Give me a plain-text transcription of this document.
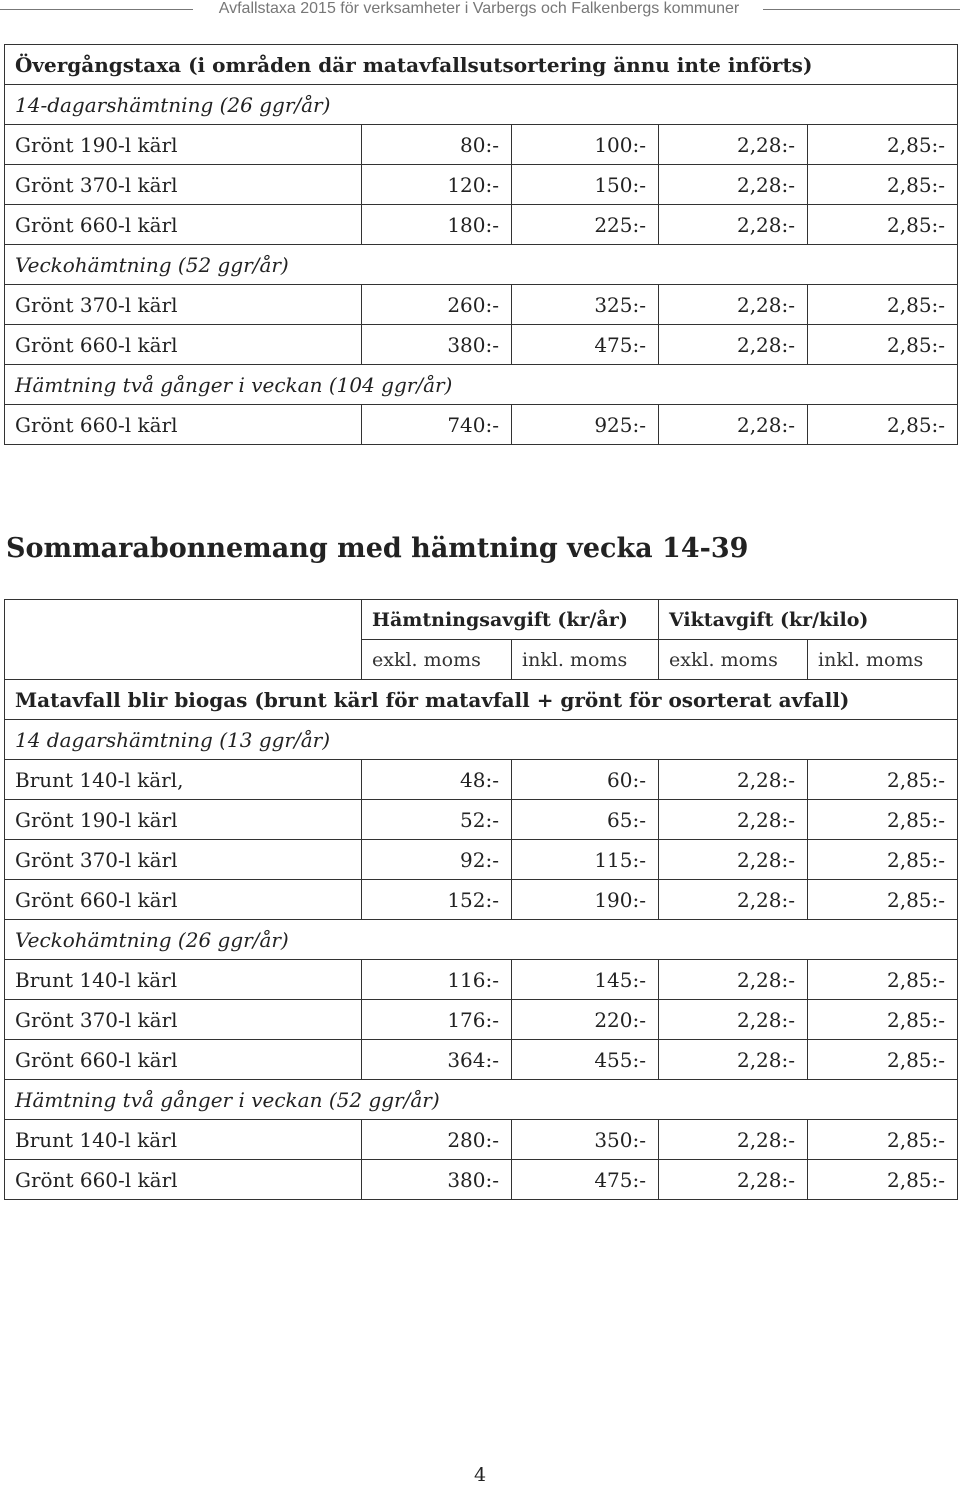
Avfallstaxa 2015 för verksamheter i Varbergs och Falkenbergs kommuner
Övergångstaxa (i områden där matavfallsutsortering ännu inte införts)				
14-dagarshämtning (26 ggr/år)				
Grönt 190-l kärl	80:-	100:-	2,28:-	2,85:-
Grönt 370-l kärl	120:-	150:-	2,28:-	2,85:-
Grönt 660-l kärl	180:-	225:-	2,28:-	2,85:-
Veckohämtning (52 ggr/år)				
Grönt 370-l kärl	260:-	325:-	2,28:-	2,85:-
Grönt 660-l kärl	380:-	475:-	2,28:-	2,85:-
Hämtning två gånger i veckan (104 ggr/år)				
Grönt 660-l kärl	740:-	925:-	2,28:-	2,85:-
Sommarabonnemang med hämtning vecka 14-39
	Hämtningsavgift (kr/år)		Viktavgift (kr/kilo)	
	exkl. moms	inkl. moms	exkl. moms	inkl. moms
Matavfall blir biogas (brunt kärl för matavfall + grönt för osorterat avfall)				
14 dagarshämtning (13 ggr/år)				
Brunt 140-l kärl,	48:-	60:-	2,28:-	2,85:-
Grönt 190-l kärl	52:-	65:-	2,28:-	2,85:-
Grönt 370-l kärl	92:-	115:-	2,28:-	2,85:-
Grönt 660-l kärl	152:-	190:-	2,28:-	2,85:-
Veckohämtning (26 ggr/år)				
Brunt 140-l kärl	116:-	145:-	2,28:-	2,85:-
Grönt 370-l kärl	176:-	220:-	2,28:-	2,85:-
Grönt 660-l kärl	364:-	455:-	2,28:-	2,85:-
Hämtning två gånger i veckan (52 ggr/år)				
Brunt 140-l kärl	280:-	350:-	2,28:-	2,85:-
Grönt 660-l kärl	380:-	475:-	2,28:-	2,85:-
4
